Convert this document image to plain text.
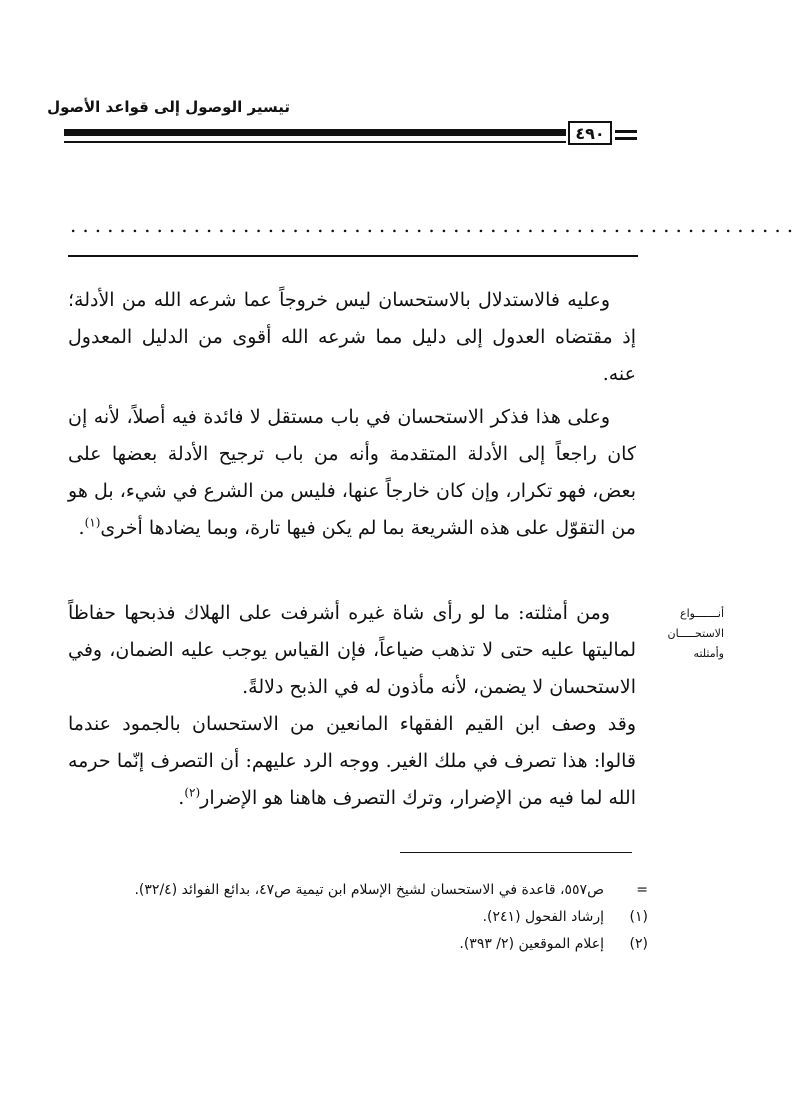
تيسير الوصول إلى قواعد الأصول
٤٩٠
...........................................................

وعليه فالاستدلال بالاستحسان ليس خروجاً عما شرعه الله من الأدلة؛ إذ مقتضاه العدول إلى دليل مما شرعه الله أقوى من الدليل المعدول عنه.

وعلى هذا فذكر الاستحسان في باب مستقل لا فائدة فيه أصلاً، لأنه إن كان راجعاً إلى الأدلة المتقدمة وأنه من باب ترجيح الأدلة بعضها على بعض، فهو تكرار، وإن كان خارجاً عنها، فليس من الشرع في شيء، بل هو من التقوّل على هذه الشريعة بما لم يكن فيها تارة، وبما يضادها أخرى$^{(١)}$.

ومن أمثلته: ما لو رأى شاة غيره أشرفت على الهلاك فذبحها حفاظاً لماليتها عليه حتى لا تذهب ضياعاً، فإن القياس يوجب عليه الضمان، وفي الاستحسان لا يضمن، لأنه مأذون له في الذبح دلالةً.

وقد وصف ابن القيم الفقهاء المانعين من الاستحسان بالجمود عندما قالوا: هذا تصرف في ملك الغير. ووجه الرد عليهم: أن التصرف إنّما حرمه الله لما فيه من الإضرار، وترك التصرف هاهنا هو الإضرار$^{(٢)}$.

أنـــــــواع
الاستحـــــان
وأمثلته
=
ص٥٥٧، قاعدة في الاستحسان لشيخ الإسلام ابن تيمية ص٤٧، بدائع الفوائد (٣٢/٤).
(١)
إرشاد الفحول (٢٤١).
(٢)
إعلام الموقعين (٢/ ٣٩٣).
